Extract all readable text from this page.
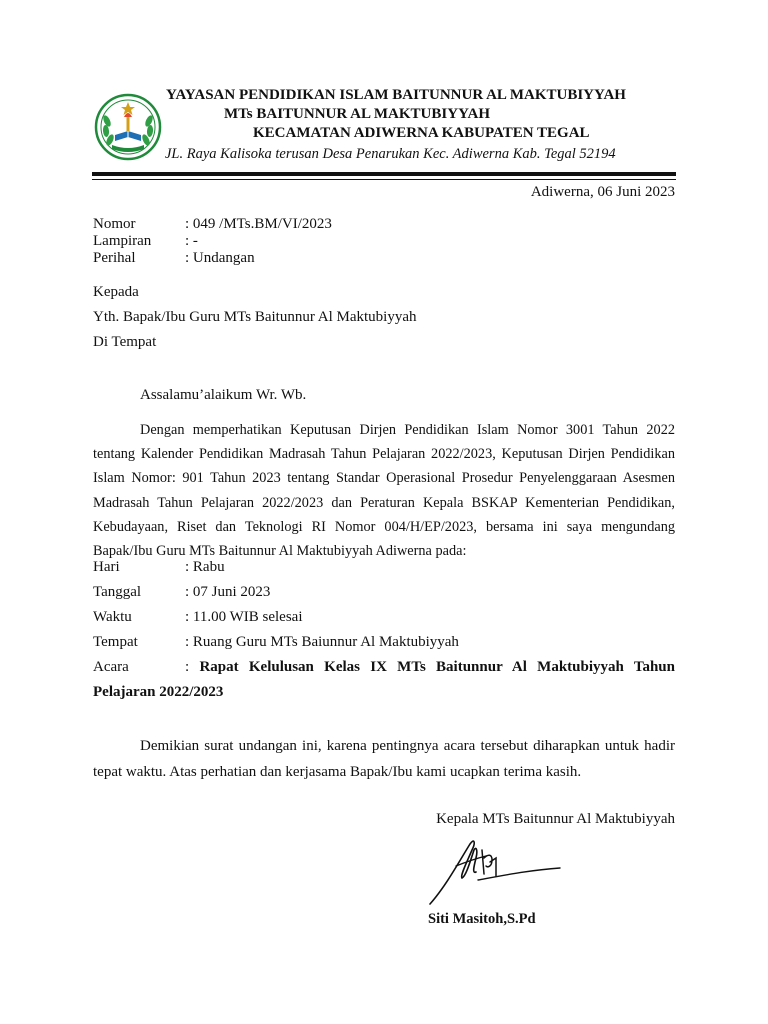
YAYASAN PENDIDIKAN ISLAM BAITUNNUR AL MAKTUBIYYAH
MTs BAITUNNUR AL MAKTUBIYYAH
KECAMATAN ADIWERNA KABUPATEN TEGAL
JL. Raya Kalisoka terusan Desa Penarukan Kec. Adiwerna Kab. Tegal 52194
Adiwerna, 06 Juni 2023
Nomor	: 049 /MTs.BM/VI/2023
Lampiran : -
Perihal	: Undangan
Kepada
Yth. Bapak/Ibu Guru MTs Baitunnur Al Maktubiyyah
Di Tempat
Assalamu’alaikum Wr. Wb.
Dengan memperhatikan Keputusan Dirjen Pendidikan Islam Nomor 3001 Tahun 2022 tentang Kalender Pendidikan Madrasah Tahun Pelajaran 2022/2023, Keputusan Dirjen Pendidikan Islam Nomor: 901 Tahun 2023 tentang Standar Operasional Prosedur Penyelenggaraan Asesmen Madrasah Tahun Pelajaran 2022/2023 dan Peraturan Kepala BSKAP Kementerian Pendidikan, Kebudayaan, Riset dan Teknologi RI Nomor 004/H/EP/2023, bersama ini saya mengundang Bapak/Ibu Guru MTs Baitunnur Al Maktubiyyah Adiwerna pada:
Hari	: Rabu
Tanggal	: 07 Juni 2023
Waktu	: 11.00 WIB selesai
Tempat	: Ruang Guru MTs Baiunnur Al Maktubiyyah
Acara	: Rapat Kelulusan Kelas IX MTs Baitunnur Al Maktubiyyah Tahun
Pelajaran 2022/2023
Demikian surat undangan ini, karena pentingnya acara tersebut diharapkan untuk hadir tepat waktu. Atas perhatian dan kerjasama Bapak/Ibu kami ucapkan terima kasih.
Kepala MTs Baitunnur Al Maktubiyyah
Siti Masitoh,S.Pd
